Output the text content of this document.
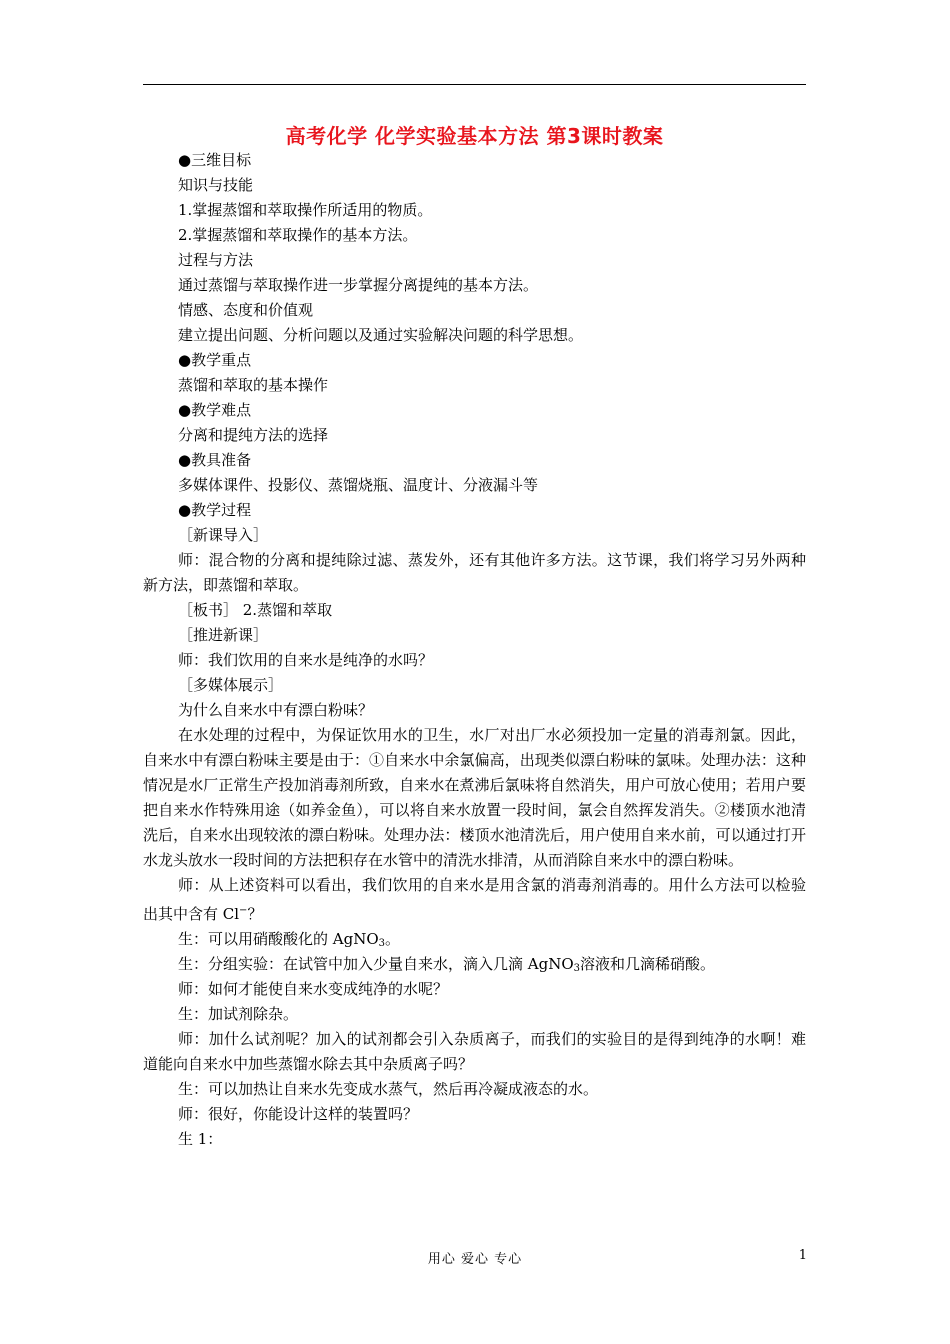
高考化学 化学实验基本方法 第3课时教案
●三维目标
知识与技能
1.掌握蒸馏和萃取操作所适用的物质。
2.掌握蒸馏和萃取操作的基本方法。
过程与方法
通过蒸馏与萃取操作进一步掌握分离提纯的基本方法。
情感、态度和价值观
建立提出问题、分析问题以及通过实验解决问题的科学思想。
●教学重点
蒸馏和萃取的基本操作
●教学难点
分离和提纯方法的选择
●教具准备
多媒体课件、投影仪、蒸馏烧瓶、温度计、分液漏斗等
●教学过程
［新课导入］

师：混合物的分离和提纯除过滤、蒸发外，还有其他许多方法。这节课，我们将学习另外两种新方法，即蒸馏和萃取。

［板书］ 2.蒸馏和萃取
［推进新课］
师：我们饮用的自来水是纯净的水吗？
［多媒体展示］
为什么自来水中有漂白粉味？

在水处理的过程中，为保证饮用水的卫生，水厂对出厂水必须投加一定量的消毒剂氯。因此，自来水中有漂白粉味主要是由于：①自来水中余氯偏高，出现类似漂白粉味的氯味。处理办法：这种情况是水厂正常生产投加消毒剂所致，自来水在煮沸后氯味将自然消失，用户可放心使用；若用户要把自来水作特殊用途（如养金鱼），可以将自来水放置一段时间，氯会自然挥发消失。②楼顶水池清洗后，自来水出现较浓的漂白粉味。处理办法：楼顶水池清洗后，用户使用自来水前，可以通过打开水龙头放水一段时间的方法把积存在水管中的清洗水排清，从而消除自来水中的漂白粉味。

师：从上述资料可以看出，我们饮用的自来水是用含氯的消毒剂消毒的。用什么方法可以检验出其中含有 Cl−？

生：可以用硝酸酸化的 AgNO$_3$。
生：分组实验：在试管中加入少量自来水，滴入几滴 AgNO$_3$溶液和几滴稀硝酸。
师：如何才能使自来水变成纯净的水呢？
生：加试剂除杂。

师：加什么试剂呢？加入的试剂都会引入杂质离子，而我们的实验目的是得到纯净的水啊！难道能向自来水中加些蒸馏水除去其中杂质离子吗？

生：可以加热让自来水先变成水蒸气，然后再冷凝成液态的水。
师：很好，你能设计这样的装置吗？
生 1：
用心 爱心 专心	1
